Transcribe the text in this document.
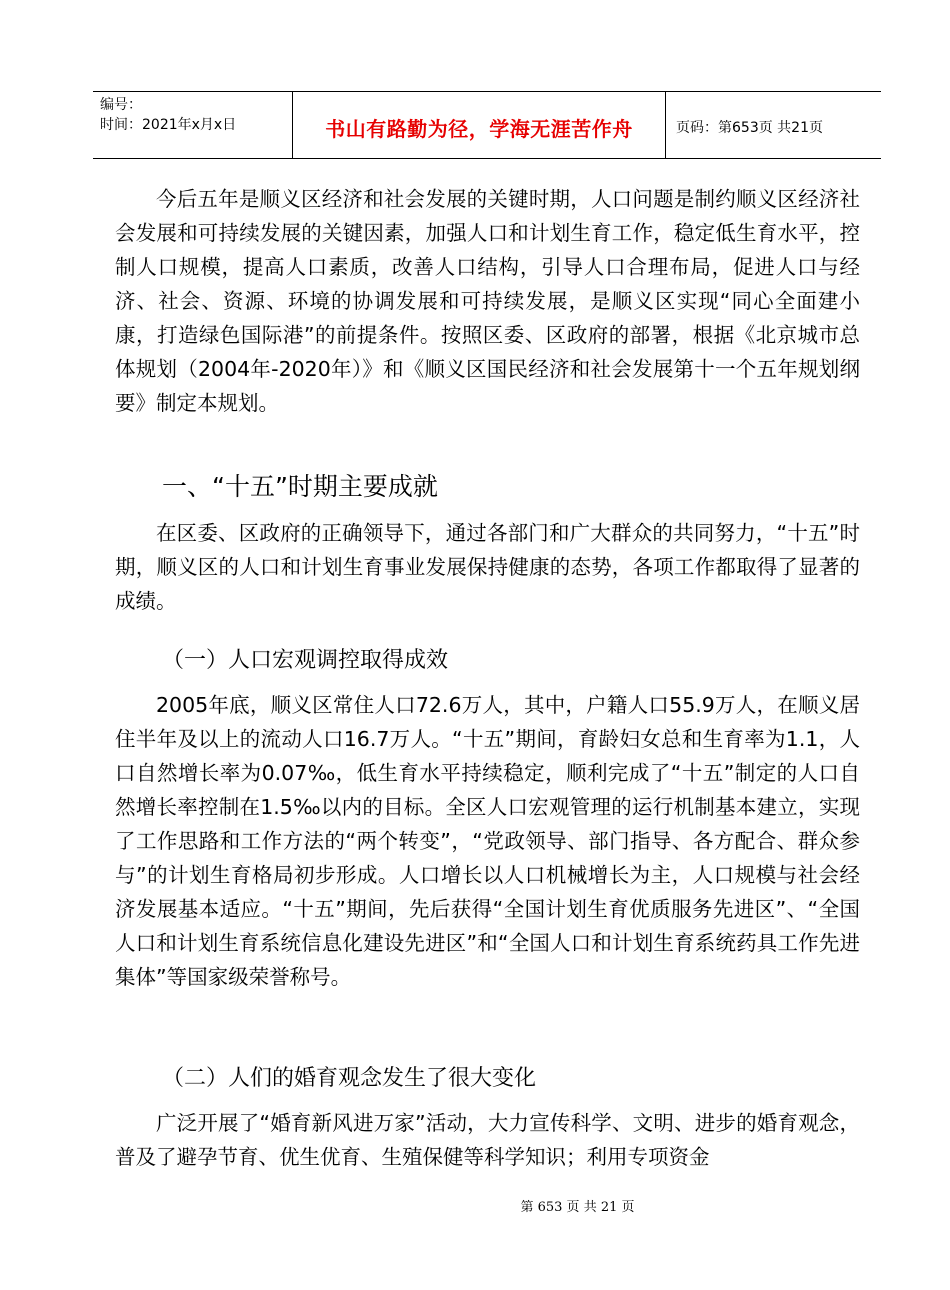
编号：
时间：2021年x月x日	书山有路勤为径，学海无涯苦作舟	页码：第653页 共21页

今后五年是顺义区经济和社会发展的关键时期，人口问题是制约顺义区经济社会发展和可持续发展的关键因素，加强人口和计划生育工作，稳定低生育水平，控制人口规模，提高人口素质，改善人口结构，引导人口合理布局，促进人口与经济、社会、资源、环境的协调发展和可持续发展，是顺义区实现“同心全面建小康，打造绿色国际港”的前提条件。按照区委、区政府的部署，根据《北京城市总体规划（2004年-2020年）》和《顺义区国民经济和社会发展第十一个五年规划纲要》制定本规划。

一、“十五”时期主要成就

在区委、区政府的正确领导下，通过各部门和广大群众的共同努力，“十五”时期，顺义区的人口和计划生育事业发展保持健康的态势，各项工作都取得了显著的成绩。

（一）人口宏观调控取得成效

2005年底，顺义区常住人口72.6万人，其中，户籍人口55.9万人，在顺义居住半年及以上的流动人口16.7万人。“十五”期间，育龄妇女总和生育率为1.1，人口自然增长率为0.07‰，低生育水平持续稳定，顺利完成了“十五”制定的人口自然增长率控制在1.5‰以内的目标。全区人口宏观管理的运行机制基本建立，实现了工作思路和工作方法的“两个转变”，“党政领导、部门指导、各方配合、群众参与”的计划生育格局初步形成。人口增长以人口机械增长为主，人口规模与社会经济发展基本适应。“十五”期间，先后获得“全国计划生育优质服务先进区”、“全国人口和计划生育系统信息化建设先进区”和“全国人口和计划生育系统药具工作先进集体”等国家级荣誉称号。

（二）人们的婚育观念发生了很大变化

广泛开展了“婚育新风进万家”活动，大力宣传科学、文明、进步的婚育观念，普及了避孕节育、优生优育、生殖保健等科学知识；利用专项资金

第 653 页 共 21 页
